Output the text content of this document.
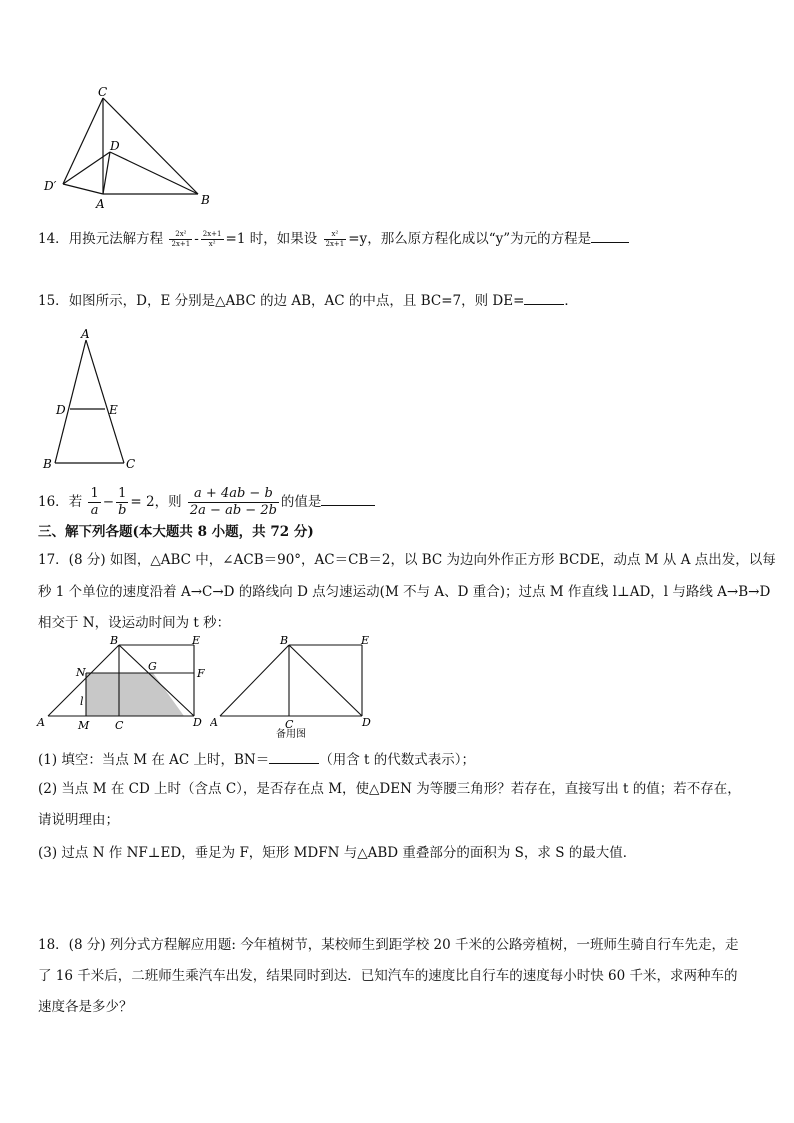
C
D
D′
A	B
14．用换元法解方程 $\frac{\text{2x²}}{2x+1} - \frac{2x+1}{\text{x²}} =1$ 时，如果设 $\frac{\text{x²}}{2x+1} =y$，那么原方程化成以“y”为元的方程是
15．如图所示，D，E 分别是△ABC 的边 AB，AC 的中点，且 BC=7，则 DE=	．
A
D	E
B	C
16．若 $\frac{1}{a} - \frac{1}{b} = 2$，则 $\frac{a + 4ab - b}{2a - ab - 2b}$ 的值是
三、解下列各题(本大题共 8 小题，共 72 分)
17．(8 分) 如图，△ABC 中，∠ACB＝90°，AC＝CB＝2，以 BC 为边向外作正方形 BCDE，动点 M 从 A 点出发，以每
秒 1 个单位的速度沿着 A→C→D 的路线向 D 点匀速运动(M 不与 A、D 重合)；过点 M 作直线 l⊥AD，l 与路线 A→B→D
相交于 N，设运动时间为 t 秒：
B	E
N	G
F
l
A	M C	D
B	E
A	C	D
备用图
(1) 填空：当点 M 在 AC 上时，BN＝	（用含 t 的代数式表示）；
(2) 当点 M 在 CD 上时（含点 C），是否存在点 M，使△DEN 为等腰三角形？若存在，直接写出 t 的值；若不存在，
请说明理由；
(3) 过点 N 作 NF⊥ED，垂足为 F，矩形 MDFN 与△ABD 重叠部分的面积为 S，求 S 的最大值．
18．(8 分) 列分式方程解应用题: 今年植树节，某校师生到距学校 20 千米的公路旁植树，一班师生骑自行车先走，走
了 16 千米后，二班师生乘汽车出发，结果同时到达．已知汽车的速度比自行车的速度每小时快 60 千米，求两种车的
速度各是多少？
